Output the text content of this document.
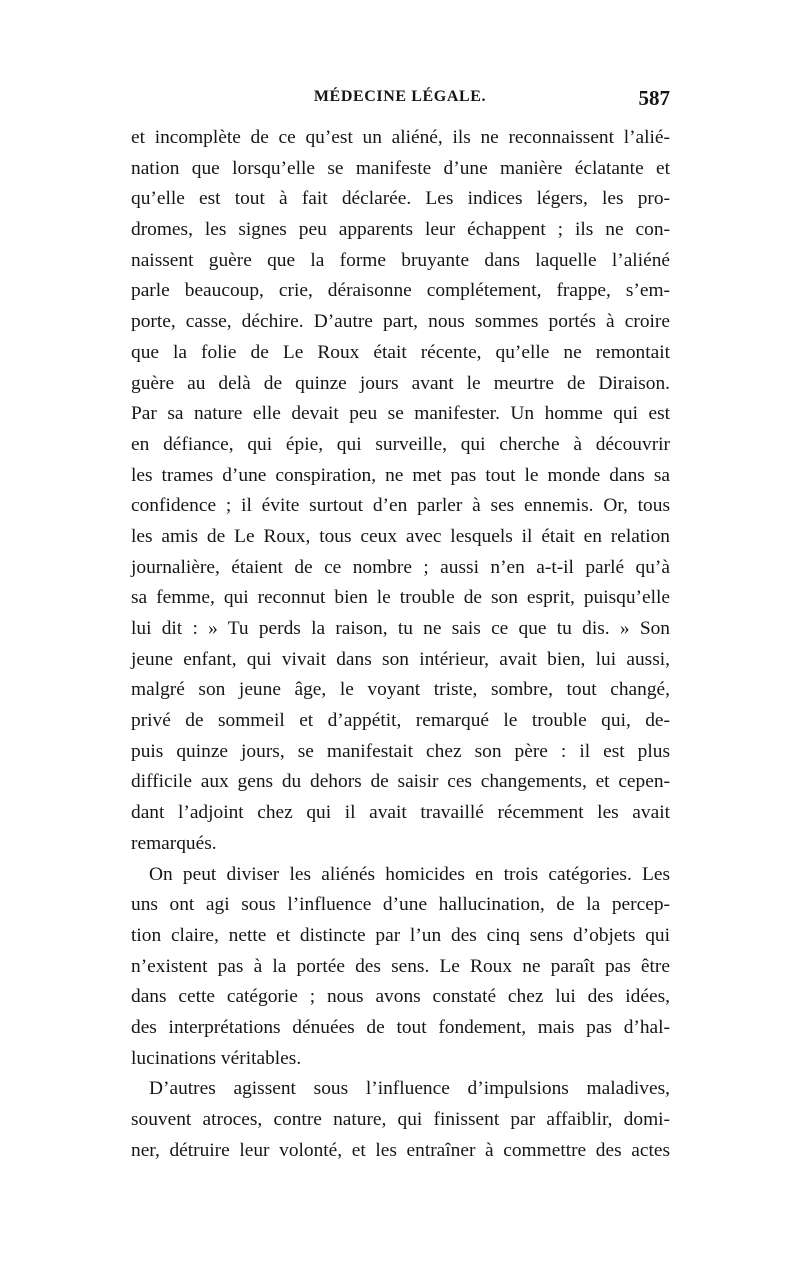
MÉDECINE LÉGALE.	587
et incomplète de ce qu’est un aliéné, ils ne reconnaissent l’alié-
nation que lorsqu’elle se manifeste d’une manière éclatante et
qu’elle est tout à fait déclarée. Les indices légers, les pro-
dromes, les signes peu apparents leur échappent ; ils ne con-
naissent guère que la forme bruyante dans laquelle l’aliéné
parle beaucoup, crie, déraisonne complétement, frappe, s’em-
porte, casse, déchire. D’autre part, nous sommes portés à croire
que la folie de Le Roux était récente, qu’elle ne remontait
guère au delà de quinze jours avant le meurtre de Diraison.
Par sa nature elle devait peu se manifester. Un homme qui est
en défiance, qui épie, qui surveille, qui cherche à découvrir
les trames d’une conspiration, ne met pas tout le monde dans sa
confidence ; il évite surtout d’en parler à ses ennemis. Or, tous
les amis de Le Roux, tous ceux avec lesquels il était en relation
journalière, étaient de ce nombre ; aussi n’en a-t-il parlé qu’à
sa femme, qui reconnut bien le trouble de son esprit, puisqu’elle
lui dit : » Tu perds la raison, tu ne sais ce que tu dis. » Son
jeune enfant, qui vivait dans son intérieur, avait bien, lui aussi,
malgré son jeune âge, le voyant triste, sombre, tout changé,
privé de sommeil et d’appétit, remarqué le trouble qui, de-
puis quinze jours, se manifestait chez son père : il est plus
difficile aux gens du dehors de saisir ces changements, et cepen-
dant l’adjoint chez qui il avait travaillé récemment les avait
remarqués.
On peut diviser les aliénés homicides en trois catégories. Les
uns ont agi sous l’influence d’une hallucination, de la percep-
tion claire, nette et distincte par l’un des cinq sens d’objets qui
n’existent pas à la portée des sens. Le Roux ne paraît pas être
dans cette catégorie ; nous avons constaté chez lui des idées,
des interprétations dénuées de tout fondement, mais pas d’hal-
lucinations véritables.
D’autres agissent sous l’influence d’impulsions maladives,
souvent atroces, contre nature, qui finissent par affaiblir, domi-
ner, détruire leur volonté, et les entraîner à commettre des actes
